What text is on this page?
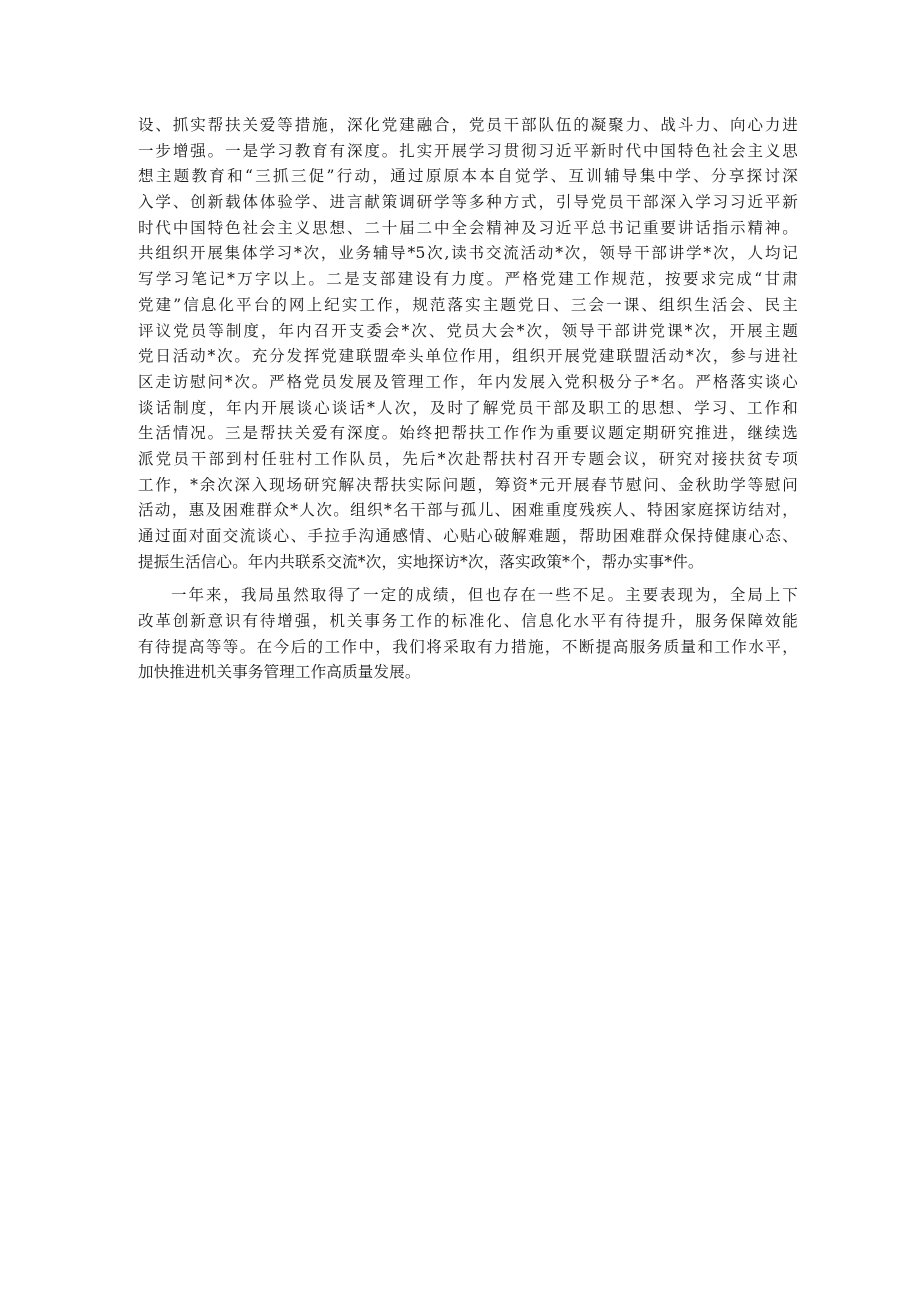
设、抓实帮扶关爱等措施，深化党建融合，党员干部队伍的凝聚力、战斗力、向心力进
一步增强。一是学习教育有深度。扎实开展学习贯彻习近平新时代中国特色社会主义思
想主题教育和“三抓三促”行动，通过原原本本自觉学、互训辅导集中学、分享探讨深
入学、创新载体体验学、进言献策调研学等多种方式，引导党员干部深入学习习近平新
时代中国特色社会主义思想、二十届二中全会精神及习近平总书记重要讲话指示精神。
共组织开展集体学习*次，业务辅导*5次,读书交流活动*次，领导干部讲学*次，人均记
写学习笔记*万字以上。二是支部建设有力度。严格党建工作规范，按要求完成“甘肃
党建”信息化平台的网上纪实工作，规范落实主题党日、三会一课、组织生活会、民主
评议党员等制度，年内召开支委会*次、党员大会*次，领导干部讲党课*次，开展主题
党日活动*次。充分发挥党建联盟牵头单位作用，组织开展党建联盟活动*次，参与进社
区走访慰问*次。严格党员发展及管理工作，年内发展入党积极分子*名。严格落实谈心
谈话制度，年内开展谈心谈话*人次，及时了解党员干部及职工的思想、学习、工作和
生活情况。三是帮扶关爱有深度。始终把帮扶工作作为重要议题定期研究推进，继续选
派党员干部到村任驻村工作队员，先后*次赴帮扶村召开专题会议，研究对接扶贫专项
工作，*余次深入现场研究解决帮扶实际问题，筹资*元开展春节慰问、金秋助学等慰问
活动，惠及困难群众*人次。组织*名干部与孤儿、困难重度残疾人、特困家庭探访结对，
通过面对面交流谈心、手拉手沟通感情、心贴心破解难题，帮助困难群众保持健康心态、
提振生活信心。年内共联系交流*次，实地探访*次，落实政策*个，帮办实事*件。
一年来，我局虽然取得了一定的成绩，但也存在一些不足。主要表现为，全局上下
改革创新意识有待增强，机关事务工作的标准化、信息化水平有待提升，服务保障效能
有待提高等等。在今后的工作中，我们将采取有力措施，不断提高服务质量和工作水平，
加快推进机关事务管理工作高质量发展。
